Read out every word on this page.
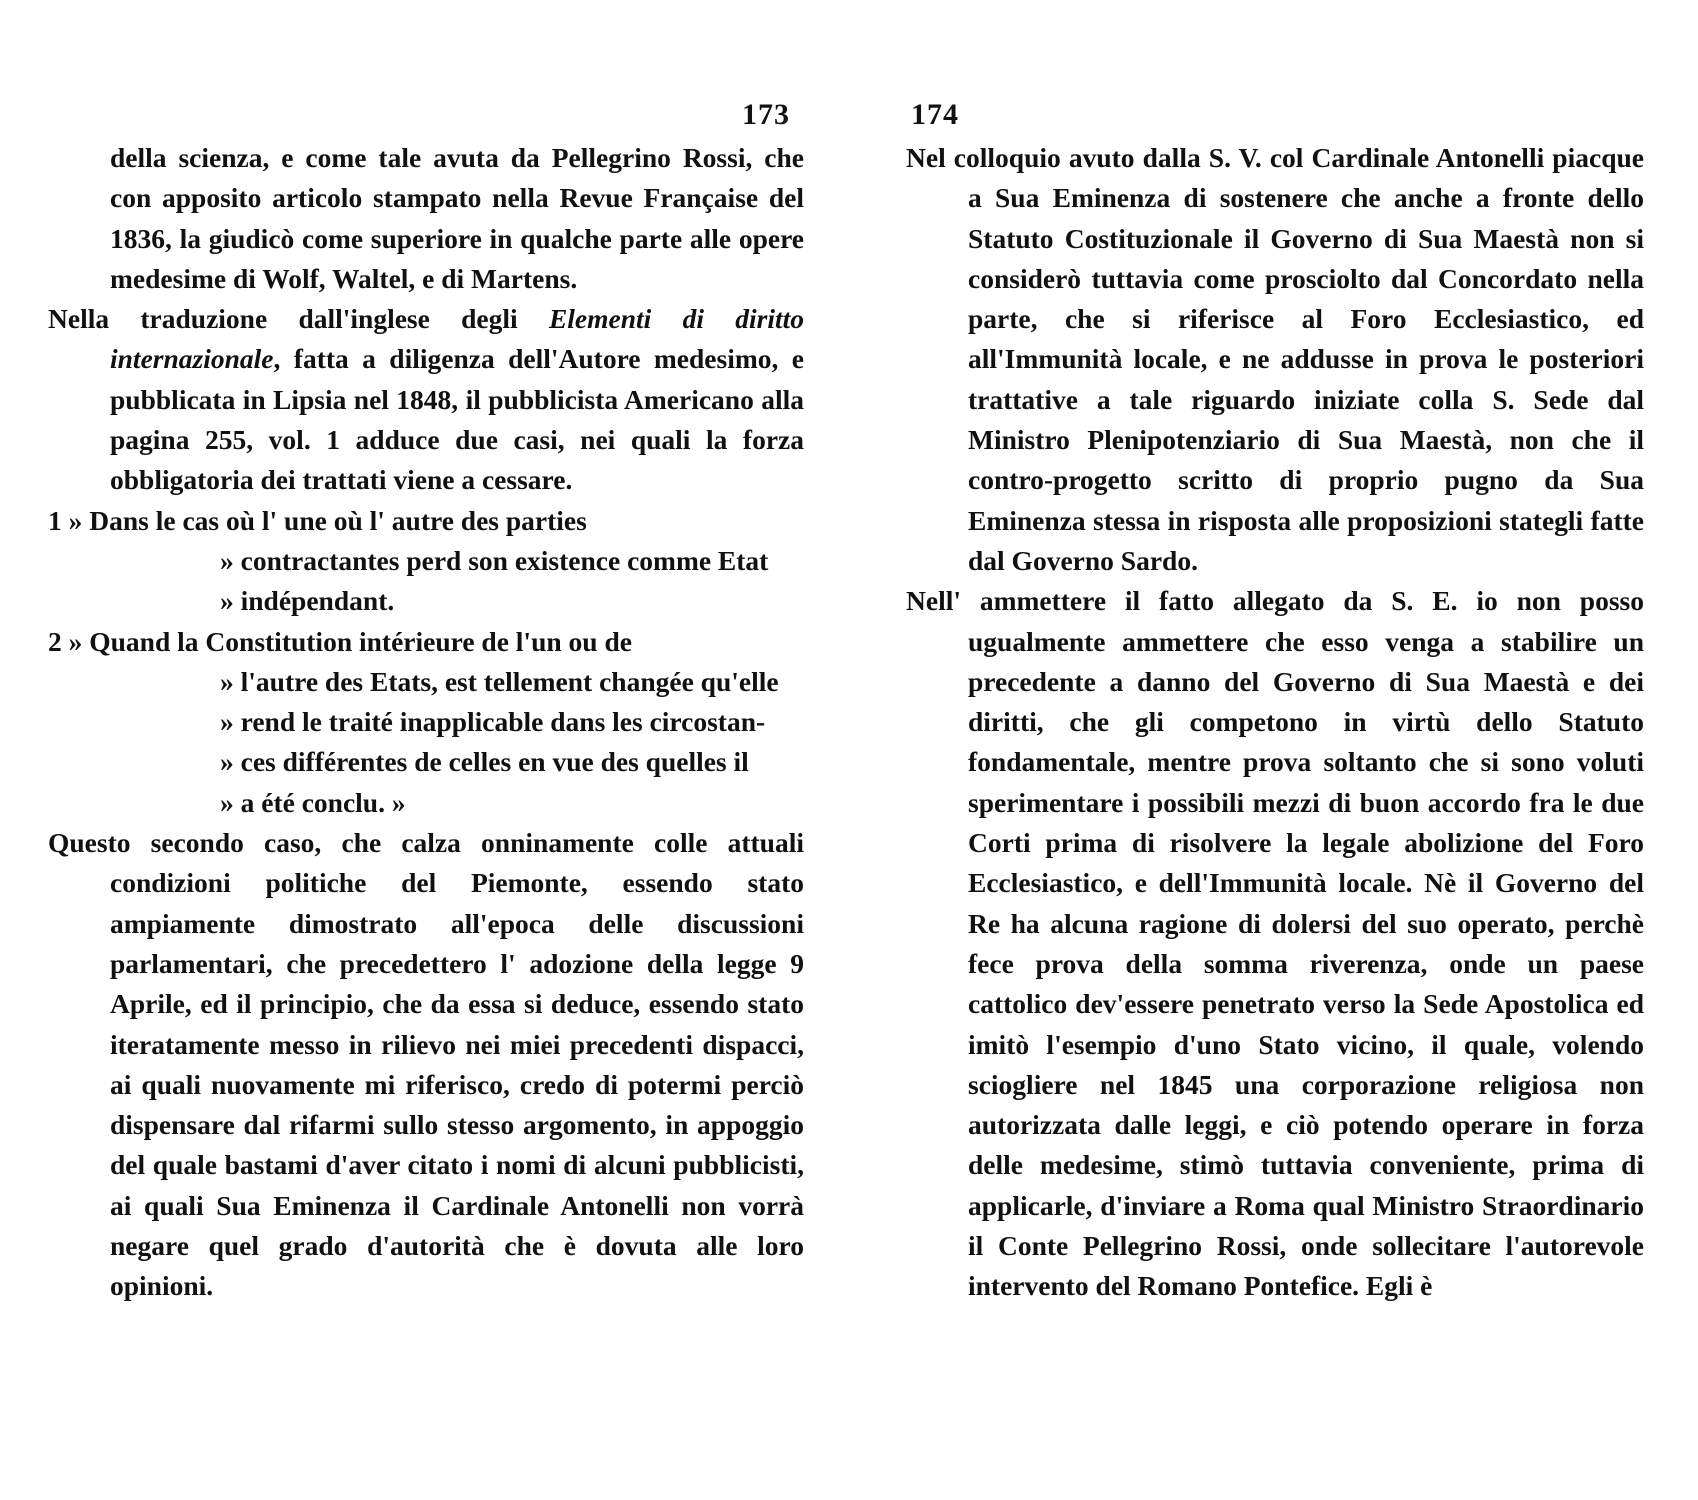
173

della scienza, e come tale avuta da Pellegrino Rossi, che con apposito articolo stampato nella Revue Française del 1836, la giudicò come superiore in qualche parte alle opere medesime di Wolf, Waltel, e di Martens.

Nella traduzione dall'inglese degli Elementi di diritto internazionale, fatta a diligenza dell'Autore medesimo, e pubblicata in Lipsia nel 1848, il pubblicista Americano alla pagina 255, vol. 1 adduce due casi, nei quali la forza obbligatoria dei trattati viene a cessare.

1 » Dans le cas où l' une où l' autre des parties
» contractantes perd son existence comme Etat
» indépendant.

2 » Quand la Constitution intérieure de l'un ou de
» l'autre des Etats, est tellement changée qu'elle
» rend le traité inapplicable dans les circostan-
» ces différentes de celles en vue des quelles il
» a été conclu. »

Questo secondo caso, che calza onninamente colle attuali condizioni politiche del Piemonte, essendo stato ampiamente dimostrato all'epoca delle discussioni parlamentari, che precedettero l' adozione della legge 9 Aprile, ed il principio, che da essa si deduce, essendo stato iteratamente messo in rilievo nei miei precedenti dispacci, ai quali nuovamente mi riferisco, credo di potermi perciò dispensare dal rifarmi sullo stesso argomento, in appoggio del quale bastami d'aver citato i nomi di alcuni pubblicisti, ai quali Sua Eminenza il Cardinale Antonelli non vorrà negare quel grado d'autorità che è dovuta alle loro opinioni.

174

Nel colloquio avuto dalla S. V. col Cardinale Antonelli piacque a Sua Eminenza di sostenere che anche a fronte dello Statuto Costituzionale il Governo di Sua Maestà non si considerò tuttavia come prosciolto dal Concordato nella parte, che si riferisce al Foro Ecclesiastico, ed all'Immunità locale, e ne addusse in prova le posteriori trattative a tale riguardo iniziate colla S. Sede dal Ministro Plenipotenziario di Sua Maestà, non che il contro-progetto scritto di proprio pugno da Sua Eminenza stessa in risposta alle proposizioni stategli fatte dal Governo Sardo.

Nell' ammettere il fatto allegato da S. E. io non posso ugualmente ammettere che esso venga a stabilire un precedente a danno del Governo di Sua Maestà e dei diritti, che gli competono in virtù dello Statuto fondamentale, mentre prova soltanto che si sono voluti sperimentare i possibili mezzi di buon accordo fra le due Corti prima di risolvere la legale abolizione del Foro Ecclesiastico, e dell'Immunità locale. Nè il Governo del Re ha alcuna ragione di dolersi del suo operato, perchè fece prova della somma riverenza, onde un paese cattolico dev'essere penetrato verso la Sede Apostolica ed imitò l'esempio d'uno Stato vicino, il quale, volendo sciogliere nel 1845 una corporazione religiosa non autorizzata dalle leggi, e ciò potendo operare in forza delle medesime, stimò tuttavia conveniente, prima di applicarle, d'inviare a Roma qual Ministro Straordinario il Conte Pellegrino Rossi, onde sollecitare l'autorevole intervento del Romano Pontefice. Egli è
